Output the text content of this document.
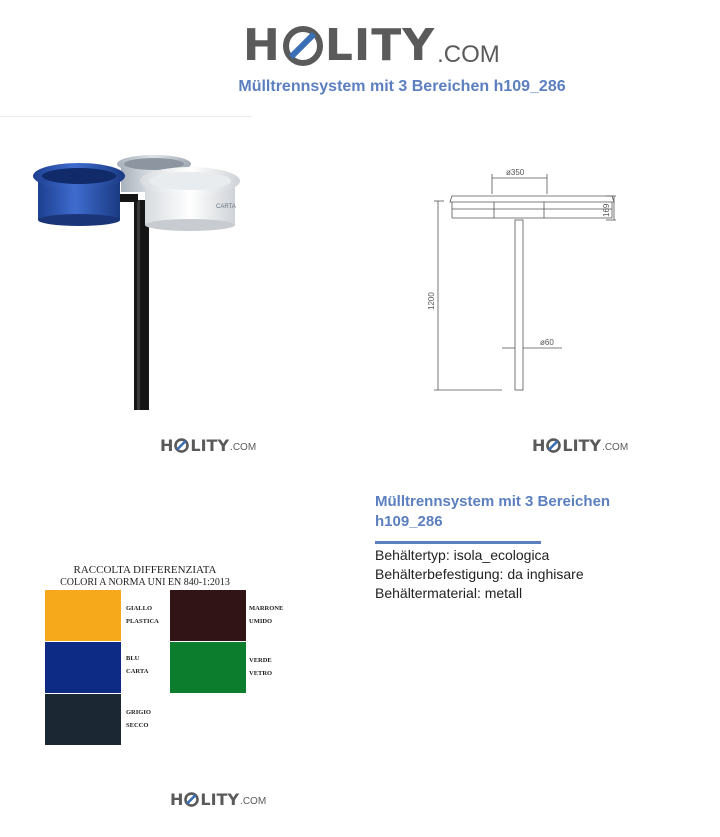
H LITY .COM
Mülltrennsystem mit 3 Bereichen h109_286
CARTA
H LITY .COM
ø350
169
1200
ø60
H LITY .COM
RACCOLTA DIFFERENZIATA
COLORI A NORMA UNI EN 840-1:2013
GIALLO
PLASTICA
MARRONE
UMIDO
BLU
CARTA
VERDE
VETRO
GRIGIO
SECCO
H LITY .COM
Mülltrennsystem mit 3 Bereichen h109_286
Behältertyp: isola_ecologica
Behälterbefestigung: da inghisare
Behältermaterial: metall
